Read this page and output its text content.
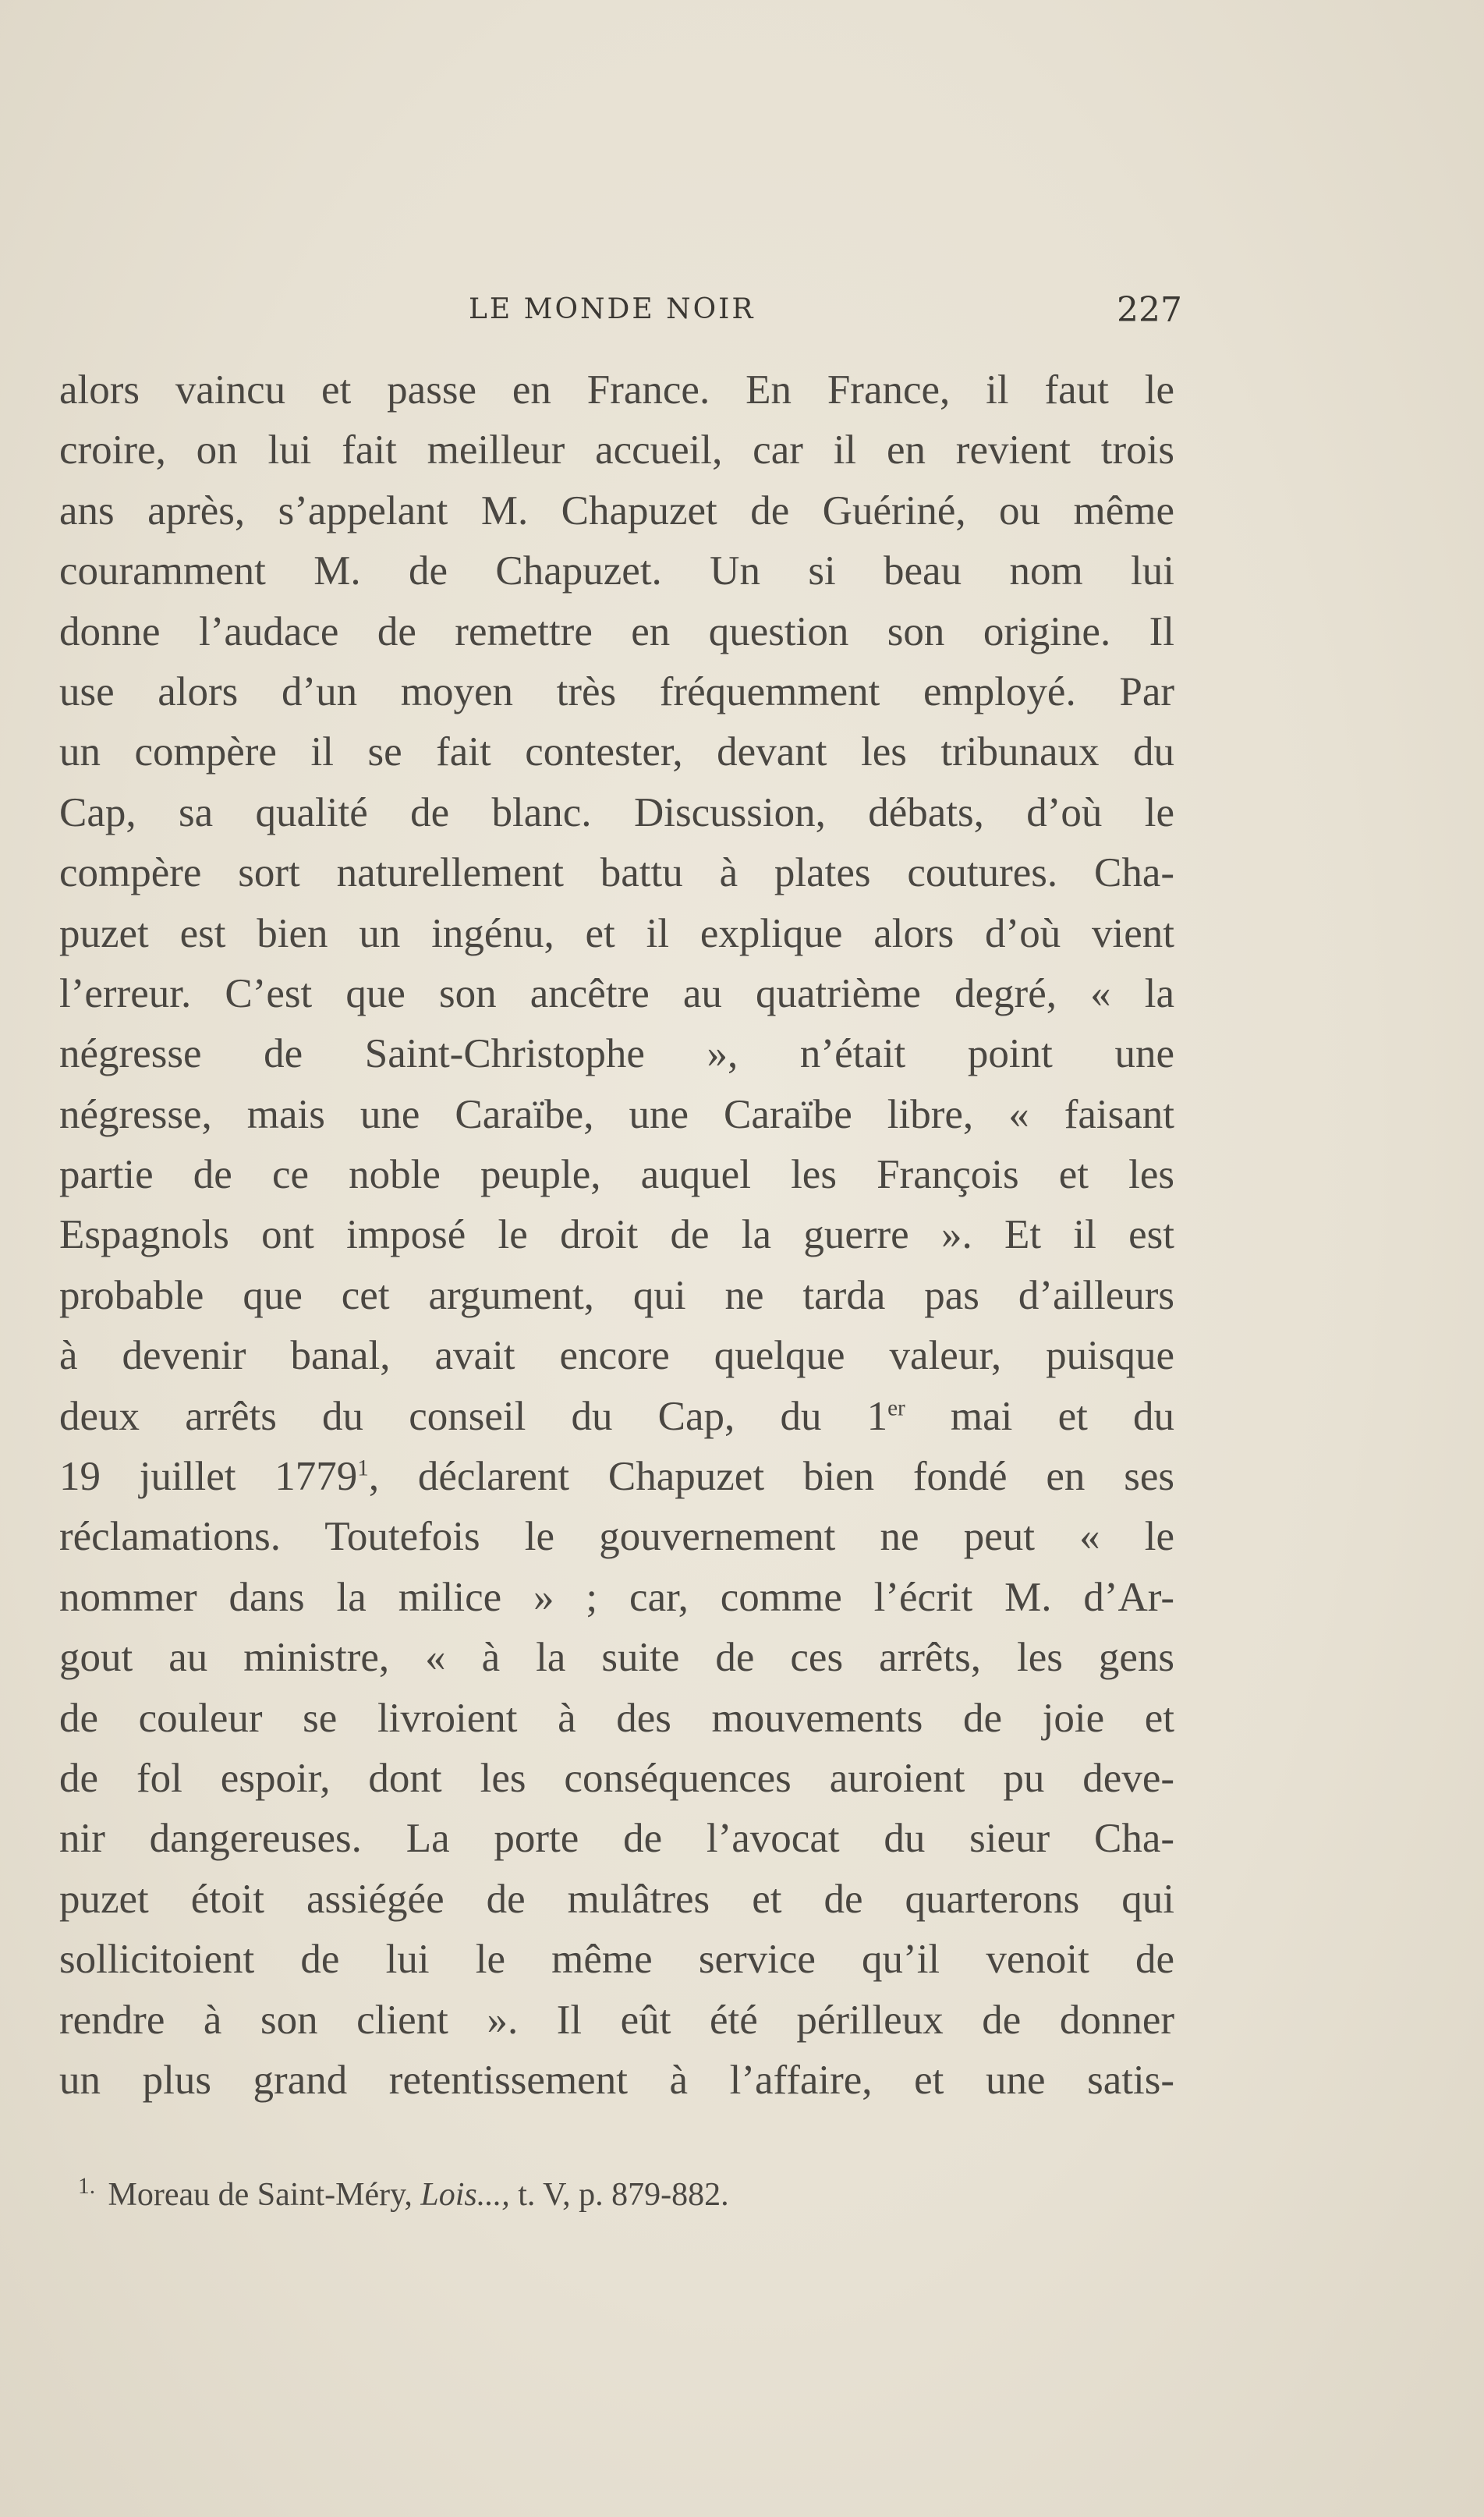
LE MONDE NOIR	227
alors vaincu et passe en France. En France, il faut le
croire, on lui fait meilleur accueil, car il en revient trois
ans après, s’appelant M. Chapuzet de Guériné, ou même
couramment M. de Chapuzet. Un si beau nom lui
donne l’audace de remettre en question son origine. Il
use alors d’un moyen très fréquemment employé. Par
un compère il se fait contester, devant les tribunaux du
Cap, sa qualité de blanc. Discussion, débats, d’où le
compère sort naturellement battu à plates coutures. Cha-
puzet est bien un ingénu, et il explique alors d’où vient
l’erreur. C’est que son ancêtre au quatrième degré, « la
négresse de Saint-Christophe », n’était point une
négresse, mais une Caraïbe, une Caraïbe libre, « faisant
partie de ce noble peuple, auquel les François et les
Espagnols ont imposé le droit de la guerre ». Et il est
probable que cet argument, qui ne tarda pas d’ailleurs
à devenir banal, avait encore quelque valeur, puisque
deux arrêts du conseil du Cap, du 1er mai et du
19 juillet 1779$^1$, déclarent Chapuzet bien fondé en ses
réclamations. Toutefois le gouvernement ne peut « le
nommer dans la milice » ; car, comme l’écrit M. d’Ar-
gout au ministre, « à la suite de ces arrêts, les gens
de couleur se livroient à des mouvements de joie et
de fol espoir, dont les conséquences auroient pu deve-
nir dangereuses. La porte de l’avocat du sieur Cha-
puzet étoit assiégée de mulâtres et de quarterons qui
sollicitoient de lui le même service qu’il venoit de
rendre à son client ». Il eût été périlleux de donner
un plus grand retentissement à l’affaire, et une satis-
$^{1.}$ Moreau de Saint-Méry, Lois..., t. V, p. 879-882.
